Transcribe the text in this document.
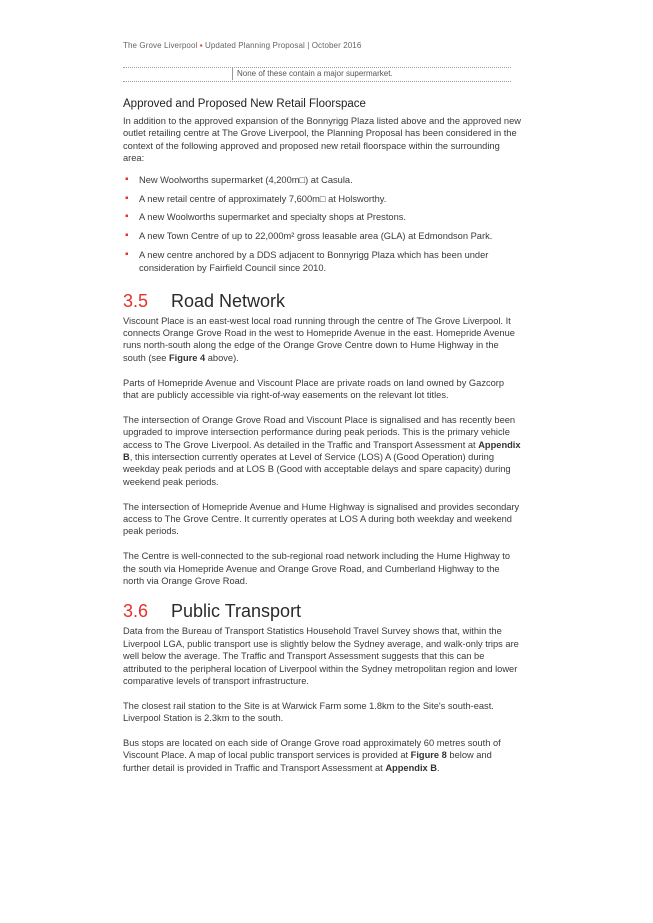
The Grove Liverpool ▪ Updated Planning Proposal | October 2016
None of these contain a major supermarket.
Approved and Proposed New Retail Floorspace

In addition to the approved expansion of the Bonnyrigg Plaza listed above and the approved new outlet retailing centre at The Grove Liverpool, the Planning Proposal has been considered in the context of the following approved and proposed new retail floorspace within the surrounding area:

▪ New Woolworths supermarket (4,200m□) at Casula.
▪ A new retail centre of approximately 7,600m□ at Holsworthy.
▪ A new Woolworths supermarket and specialty shops at Prestons.
▪ A new Town Centre of up to 22,000m² gross leasable area (GLA) at Edmondson Park.
▪ A new centre anchored by a DDS adjacent to Bonnyrigg Plaza which has been under consideration by Fairfield Council since 2010.
3.5	Road Network

Viscount Place is an east-west local road running through the centre of The Grove Liverpool. It connects Orange Grove Road in the west to Homepride Avenue in the east. Homepride Avenue runs north-south along the edge of the Orange Grove Centre down to Hume Highway in the south (see Figure 4 above).

Parts of Homepride Avenue and Viscount Place are private roads on land owned by Gazcorp that are publicly accessible via right-of-way easements on the relevant lot titles.

The intersection of Orange Grove Road and Viscount Place is signalised and has recently been upgraded to improve intersection performance during peak periods. This is the primary vehicle access to The Grove Liverpool. As detailed in the Traffic and Transport Assessment at Appendix B, this intersection currently operates at Level of Service (LOS) A (Good Operation) during weekday peak periods and at LOS B (Good with acceptable delays and spare capacity) during weekend peak periods.

The intersection of Homepride Avenue and Hume Highway is signalised and provides secondary access to The Grove Centre. It currently operates at LOS A during both weekday and weekend peak periods.

The Centre is well-connected to the sub-regional road network including the Hume Highway to the south via Homepride Avenue and Orange Grove Road, and Cumberland Highway to the north via Orange Grove Road.

3.6	Public Transport

Data from the Bureau of Transport Statistics Household Travel Survey shows that, within the Liverpool LGA, public transport use is slightly below the Sydney average, and walk-only trips are well below the average. The Traffic and Transport Assessment suggests that this can be attributed to the peripheral location of Liverpool within the Sydney metropolitan region and lower comparative levels of transport infrastructure.

The closest rail station to the Site is at Warwick Farm some 1.8km to the Site's south-east. Liverpool Station is 2.3km to the south.

Bus stops are located on each side of Orange Grove road approximately 60 metres south of Viscount Place. A map of local public transport services is provided at Figure 8 below and further detail is provided in Traffic and Transport Assessment at Appendix B.
